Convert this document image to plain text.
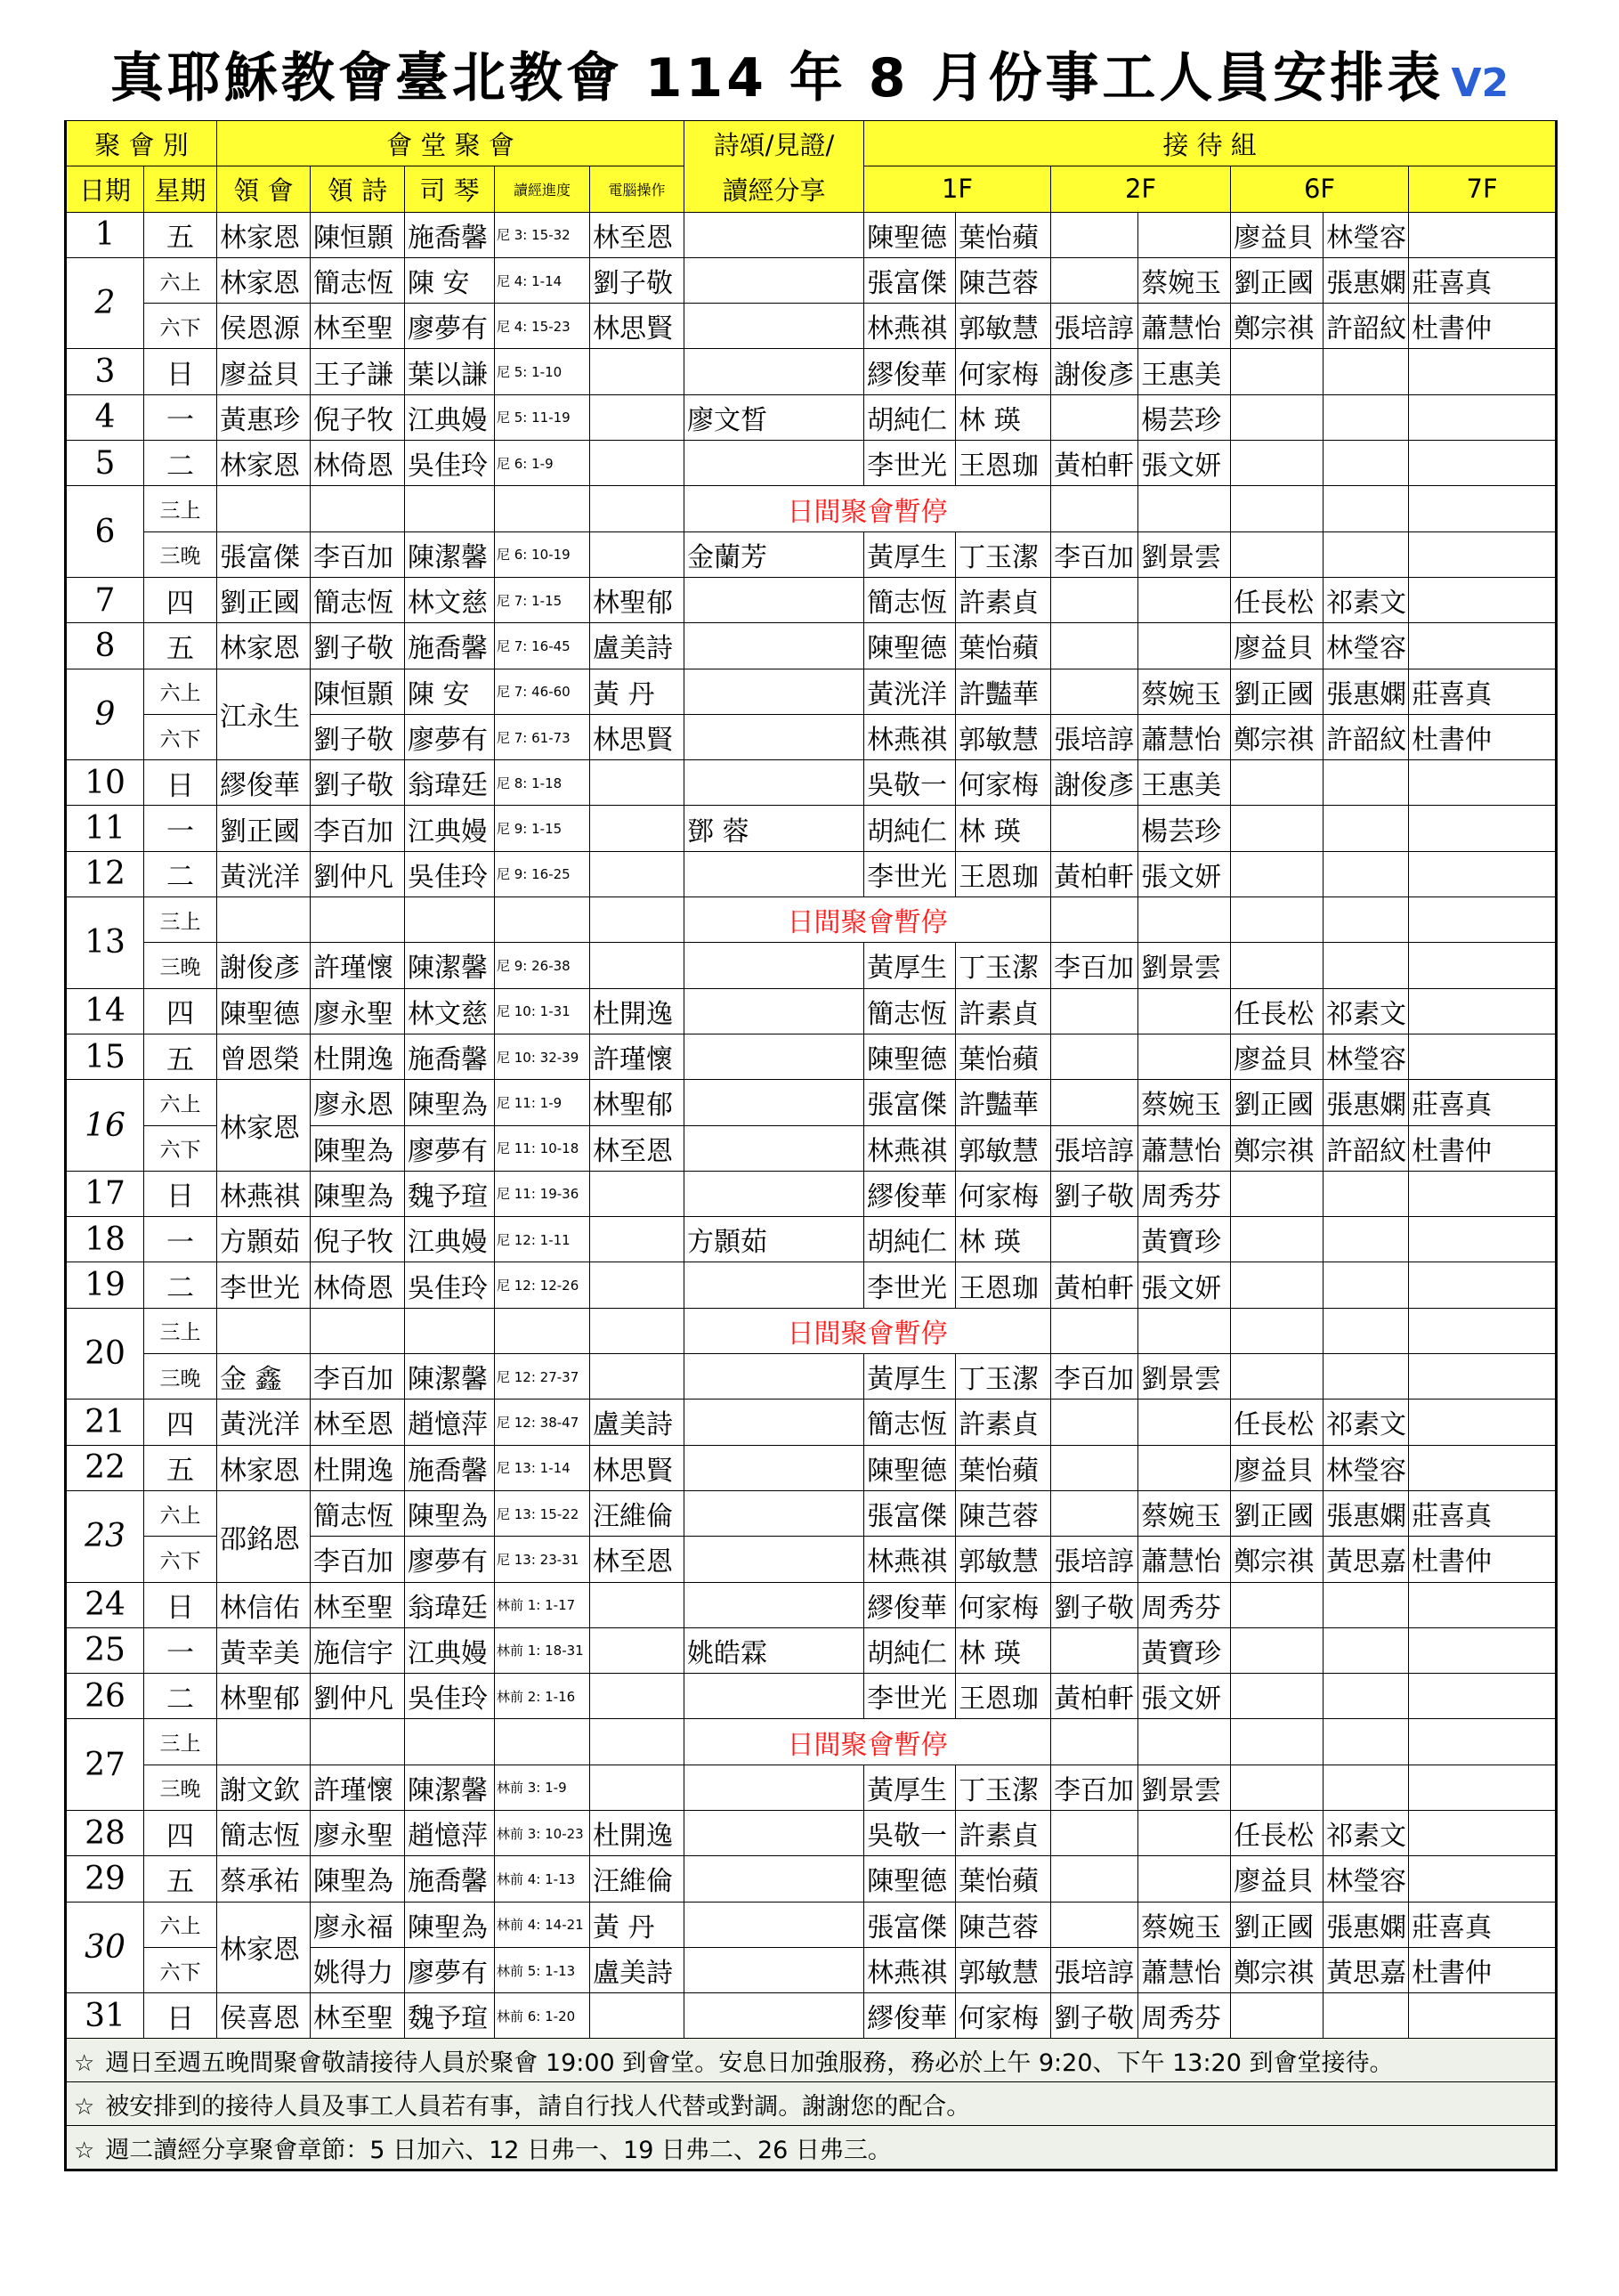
真耶穌教會臺北教會 114 年 8 月份事工人員安排表 V2
聚 會 別		會 堂 聚 會					詩頌/見證/	接 待 組							
日期	星期	領 會	領 詩	司 琴	讀經進度	電腦操作	讀經分享	1F		2F		6F		7F	
1	五	林家恩	陳恒顥	施喬馨	尼 3: 15-32	林至恩		陳聖德	葉怡蘋			廖益貝	林瑩容		
2	六上	林家恩	簡志恆	陳 安	尼 4: 1-14	劉子敬		張富傑	陳芑蓉		蔡婉玉	劉正國	張惠嫻	莊喜真	
	六下	侯恩源	林至聖	廖夢有	尼 4: 15-23	林思賢		林燕祺	郭敏慧	張培諄	蕭慧怡	鄭宗祺	許韶紋	杜書仲	
3	日	廖益貝	王子謙	葉以謙	尼 5: 1-10			繆俊華	何家梅	謝俊彥	王惠美				
4	一	黃惠珍	倪子牧	江典嫚	尼 5: 11-19		廖文晳	胡純仁	林 瑛		楊芸珍				
5	二	林家恩	林倚恩	吳佳玲	尼 6: 1-9			李世光	王恩珈	黃柏軒	張文妍				
6	三上						日間聚會暫停								
	三晚	張富傑	李百加	陳潔馨	尼 6: 10-19		金蘭芳	黃厚生	丁玉潔	李百加	劉景雲				
7	四	劉正國	簡志恆	林文慈	尼 7: 1-15	林聖郁		簡志恆	許素貞			任長松	祁素文		
8	五	林家恩	劉子敬	施喬馨	尼 7: 16-45	盧美詩		陳聖德	葉怡蘋			廖益貝	林瑩容		
9	六上	江永生	陳恒顥	陳 安	尼 7: 46-60	黃 丹		黃洸洋	許豔華		蔡婉玉	劉正國	張惠嫻	莊喜真	
	六下		劉子敬	廖夢有	尼 7: 61-73	林思賢		林燕祺	郭敏慧	張培諄	蕭慧怡	鄭宗祺	許韶紋	杜書仲	
10	日	繆俊華	劉子敬	翁瑋廷	尼 8: 1-18			吳敬一	何家梅	謝俊彥	王惠美				
11	一	劉正國	李百加	江典嫚	尼 9: 1-15		鄧 蓉	胡純仁	林 瑛		楊芸珍				
12	二	黃洸洋	劉仲凡	吳佳玲	尼 9: 16-25			李世光	王恩珈	黃柏軒	張文妍				
13	三上						日間聚會暫停								
	三晚	謝俊彥	許瑾懷	陳潔馨	尼 9: 26-38			黃厚生	丁玉潔	李百加	劉景雲				
14	四	陳聖德	廖永聖	林文慈	尼 10: 1-31	杜開逸		簡志恆	許素貞			任長松	祁素文		
15	五	曾恩榮	杜開逸	施喬馨	尼 10: 32-39	許瑾懷		陳聖德	葉怡蘋			廖益貝	林瑩容		
16	六上	林家恩	廖永恩	陳聖為	尼 11: 1-9	林聖郁		張富傑	許豔華		蔡婉玉	劉正國	張惠嫻	莊喜真	
	六下		陳聖為	廖夢有	尼 11: 10-18	林至恩		林燕祺	郭敏慧	張培諄	蕭慧怡	鄭宗祺	許韶紋	杜書仲	
17	日	林燕祺	陳聖為	魏予瑄	尼 11: 19-36			繆俊華	何家梅	劉子敬	周秀芬				
18	一	方顥茹	倪子牧	江典嫚	尼 12: 1-11		方顥茹	胡純仁	林 瑛		黃寶珍				
19	二	李世光	林倚恩	吳佳玲	尼 12: 12-26			李世光	王恩珈	黃柏軒	張文妍				
20	三上						日間聚會暫停								
	三晚	金 鑫	李百加	陳潔馨	尼 12: 27-37			黃厚生	丁玉潔	李百加	劉景雲				
21	四	黃洸洋	林至恩	趙憶萍	尼 12: 38-47	盧美詩		簡志恆	許素貞			任長松	祁素文		
22	五	林家恩	杜開逸	施喬馨	尼 13: 1-14	林思賢		陳聖德	葉怡蘋			廖益貝	林瑩容		
23	六上	邵銘恩	簡志恆	陳聖為	尼 13: 15-22	汪維倫		張富傑	陳芑蓉		蔡婉玉	劉正國	張惠嫻	莊喜真	
	六下		李百加	廖夢有	尼 13: 23-31	林至恩		林燕祺	郭敏慧	張培諄	蕭慧怡	鄭宗祺	黃思嘉	杜書仲	
24	日	林信佑	林至聖	翁瑋廷	林前 1: 1-17			繆俊華	何家梅	劉子敬	周秀芬				
25	一	黃幸美	施信宇	江典嫚	林前 1: 18-31		姚皓霖	胡純仁	林 瑛		黃寶珍				
26	二	林聖郁	劉仲凡	吳佳玲	林前 2: 1-16			李世光	王恩珈	黃柏軒	張文妍				
27	三上						日間聚會暫停								
	三晚	謝文欽	許瑾懷	陳潔馨	林前 3: 1-9			黃厚生	丁玉潔	李百加	劉景雲				
28	四	簡志恆	廖永聖	趙憶萍	林前 3: 10-23	杜開逸		吳敬一	許素貞			任長松	祁素文		
29	五	蔡承祐	陳聖為	施喬馨	林前 4: 1-13	汪維倫		陳聖德	葉怡蘋			廖益貝	林瑩容		
30	六上	林家恩	廖永福	陳聖為	林前 4: 14-21	黃 丹		張富傑	陳芑蓉		蔡婉玉	劉正國	張惠嫻	莊喜真	
	六下		姚得力	廖夢有	林前 5: 1-13	盧美詩		林燕祺	郭敏慧	張培諄	蕭慧怡	鄭宗祺	黃思嘉	杜書仲	
31	日	侯喜恩	林至聖	魏予瑄	林前 6: 1-20			繆俊華	何家梅	劉子敬	周秀芬				
☆ 週日至週五晚間聚會敬請接待人員於聚會 19:00 到會堂。安息日加強服務，務必於上午 9:20、下午 13:20 到會堂接待。															
☆ 被安排到的接待人員及事工人員若有事，請自行找人代替或對調。謝謝您的配合。															
☆ 週二讀經分享聚會章節：5 日加六、12 日弗一、19 日弗二、26 日弗三。															
